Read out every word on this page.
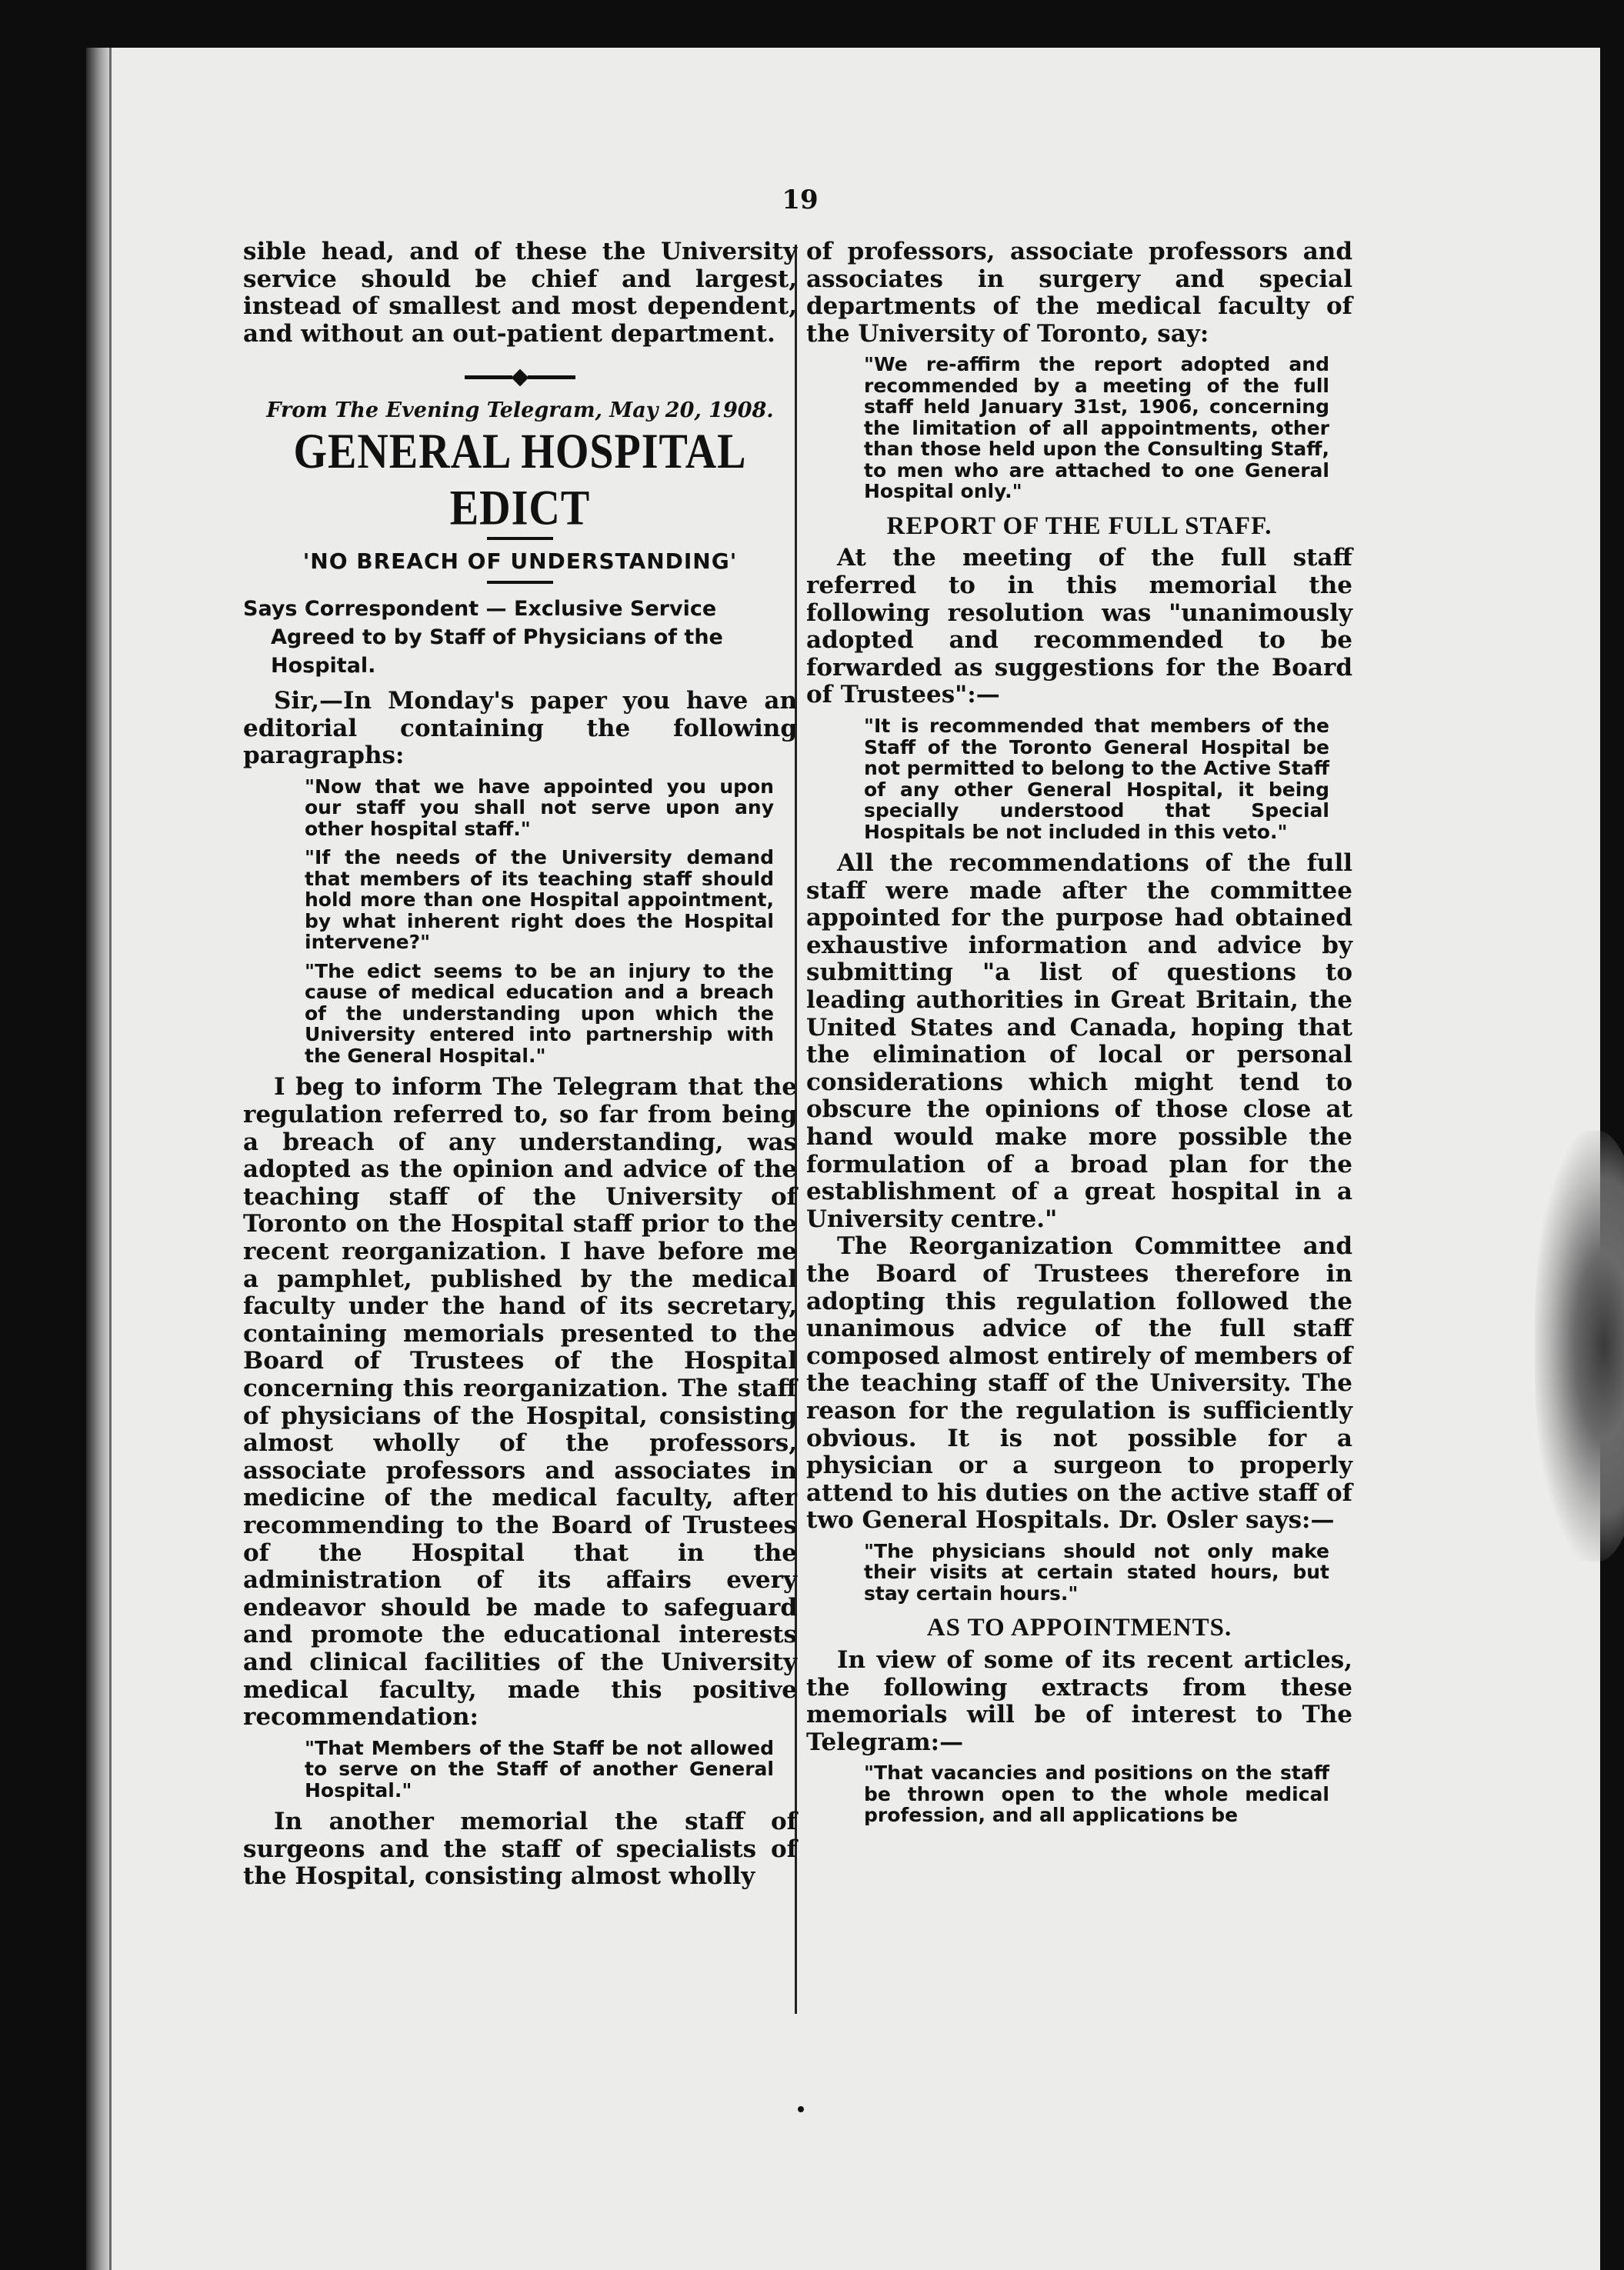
19

sible head, and of these the University service should be chief and largest, instead of smallest and most dependent, and without an out-patient department.

From The Evening Telegram, May 20, 1908.
GENERAL HOSPITAL EDICT
'NO BREACH OF UNDERSTANDING'
Says Correspondent — Exclusive Service Agreed to by Staff of Physicians of the Hospital.

Sir,—In Monday's paper you have an editorial containing the following paragraphs:

"Now that we have appointed you upon our staff you shall not serve upon any other hospital staff."
"If the needs of the University demand that members of its teaching staff should hold more than one Hospital appointment, by what inherent right does the Hospital intervene?"
"The edict seems to be an injury to the cause of medical education and a breach of the understanding upon which the University entered into partnership with the General Hospital."

I beg to inform The Telegram that the regulation referred to, so far from being a breach of any understanding, was adopted as the opinion and advice of the teaching staff of the University of Toronto on the Hospital staff prior to the recent reorganization. I have before me a pamphlet, published by the medical faculty under the hand of its secretary, containing memorials presented to the Board of Trustees of the Hospital concerning this reorganization. The staff of physicians of the Hospital, consisting almost wholly of the professors, associate professors and associates in medicine of the medical faculty, after recommending to the Board of Trustees of the Hospital that in the administration of its affairs every endeavor should be made to safeguard and promote the educational interests and clinical facilities of the University medical faculty, made this positive recommendation:

"That Members of the Staff be not allowed to serve on the Staff of another General Hospital."

In another memorial the staff of surgeons and the staff of specialists of the Hospital, consisting almost wholly

of professors, associate professors and associates in surgery and special departments of the medical faculty of the University of Toronto, say:

"We re-affirm the report adopted and recommended by a meeting of the full staff held January 31st, 1906, concerning the limitation of all appointments, other than those held upon the Consulting Staff, to men who are attached to one General Hospital only."
REPORT OF THE FULL STAFF.

At the meeting of the full staff referred to in this memorial the following resolution was "unanimously adopted and recommended to be forwarded as suggestions for the Board of Trustees":—

"It is recommended that members of the Staff of the Toronto General Hospital be not permitted to belong to the Active Staff of any other General Hospital, it being specially understood that Special Hospitals be not included in this veto."

All the recommendations of the full staff were made after the committee appointed for the purpose had obtained exhaustive information and advice by submitting "a list of questions to leading authorities in Great Britain, the United States and Canada, hoping that the elimination of local or personal considerations which might tend to obscure the opinions of those close at hand would make more possible the formulation of a broad plan for the establishment of a great hospital in a University centre."

The Reorganization Committee and the Board of Trustees therefore in adopting this regulation followed the unanimous advice of the full staff composed almost entirely of members of the teaching staff of the University. The reason for the regulation is sufficiently obvious. It is not possible for a physician or a surgeon to properly attend to his duties on the active staff of two General Hospitals. Dr. Osler says:—

"The physicians should not only make their visits at certain stated hours, but stay certain hours."
AS TO APPOINTMENTS.

In view of some of its recent articles, the following extracts from these memorials will be of interest to The Telegram:—

"That vacancies and positions on the staff be thrown open to the whole medical profession, and all applications be
